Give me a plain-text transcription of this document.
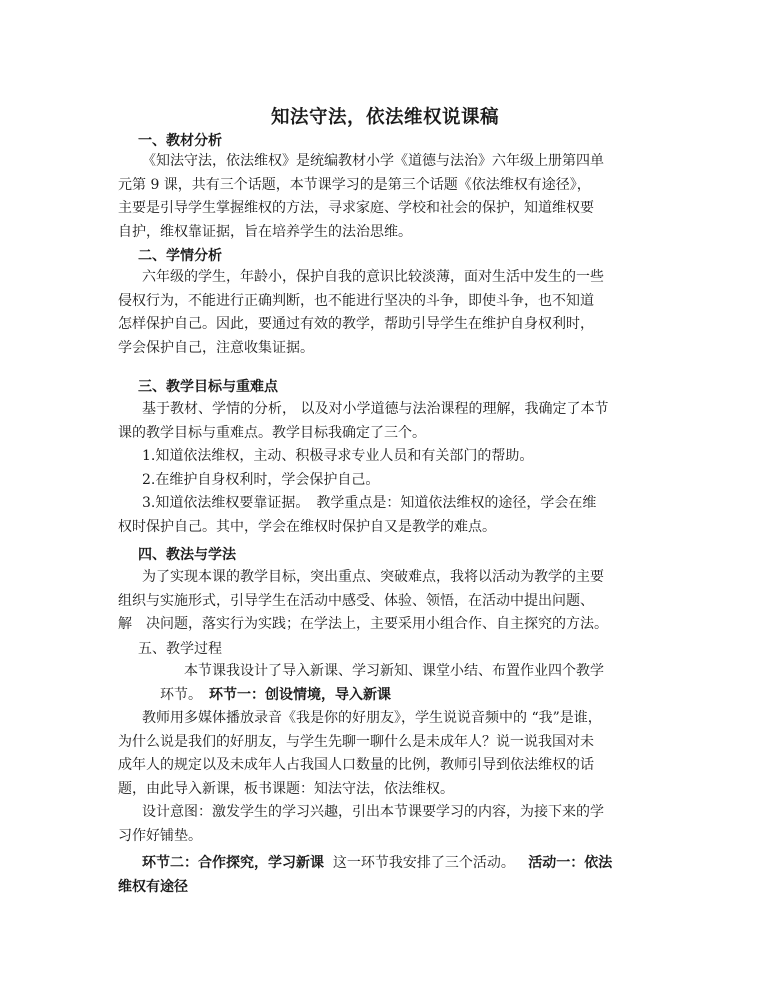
知法守法，依法维权说课稿
一、教材分析
《知法守法，依法维权》是统编教材小学《道德与法治》六年级上册第四单
元第 9 课，共有三个话题，本节课学习的是第三个话题《依法维权有途径》，
主要是引导学生掌握维权的方法，寻求家庭、学校和社会的保护，知道维权要
自护，维权靠证据，旨在培养学生的法治思维。
二、学情分析
六年级的学生，年龄小，保护自我的意识比较淡薄，面对生活中发生的一些
侵权行为，不能进行正确判断，也不能进行坚决的斗争，即使斗争，也不知道
怎样保护自己。因此，要通过有效的教学，帮助引导学生在维护自身权利时，
学会保护自己，注意收集证据。
三、教学目标与重难点
基于教材、学情的分析， 以及对小学道德与法治课程的理解，我确定了本节
课的教学目标与重难点。教学目标我确定了三个。
1.知道依法维权，主动、积极寻求专业人员和有关部门的帮助。
2.在维护自身权利时，学会保护自己。
3.知道依法维权要靠证据。　教学重点是：知道依法维权的途径，学会在维
权时保护自己。其中，学会在维权时保护自又是教学的难点。
四、教法与学法
为了实现本课的教学目标，突出重点、突破难点，我将以活动为教学的主要
组织与实施形式，引导学生在活动中感受、体验、领悟，在活动中提出问题、
解　决问题，落实行为实践；在学法上，主要采用小组合作、自主探究的方法。
五、教学过程
本节课我设计了导入新课、学习新知、课堂小结、布置作业四个教学
环节。　 环节一：创设情境，导入新课
教师用多媒体播放录音《我是你的好朋友》，学生说说音频中的 “我”是谁，
为什么说是我们的好朋友，与学生先聊一聊什么是未成年人？说一说我国对未
成年人的规定以及未成年人占我国人口数量的比例，教师引导到依法维权的话
题，由此导入新课，板书课题：知法守法，依法维权。
设计意图：激发学生的学习兴趣，引出本节课要学习的内容，为接下来的学
习作好铺垫。
环节二：合作探究，学习新课 这一环节我安排了三个活动。 活动一：依法
维权有途径
